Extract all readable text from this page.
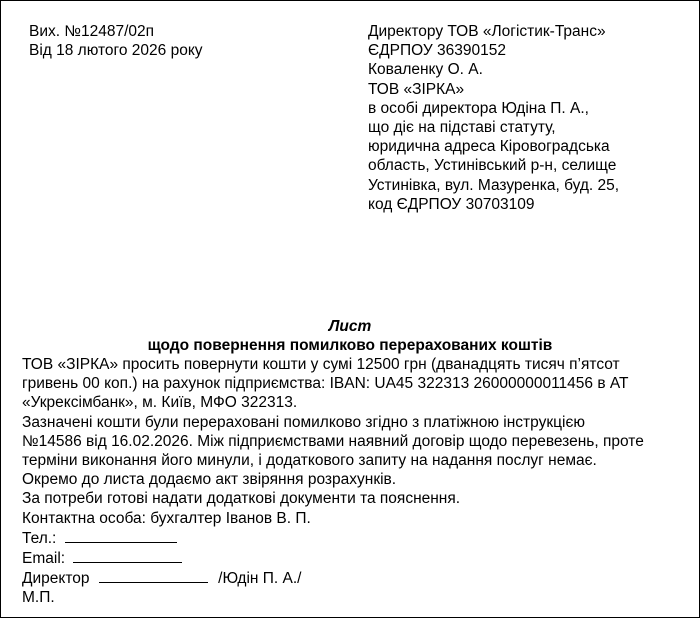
Вих. №12487/02п
Від 18 лютого 2026 року
Директору ТОВ «Логістик-Транс»
ЄДРПОУ 36390152
Коваленку О. А.
ТОВ «ЗІРКА»
в особі директора Юдіна П. А.,
що діє на підставі статуту,
юридична адреса Кіровоградська
область, Устинівський р-н, селище
Устинівка, вул. Мазуренка, буд. 25,
код ЄДРПОУ 30703109
Лист
щодо повернення помилково перерахованих коштів
ТОВ «ЗІРКА» просить повернути кошти у сумі 12500 грн (дванадцять тисяч п’ятсот
гривень 00 коп.) на рахунок підприємства: IBAN: UA45 322313 26000000011456 в АТ
«Укрексімбанк», м. Київ, МФО 322313.
Зазначені кошти були перераховані помилково згідно з платіжною інструкцією
№14586 від 16.02.2026. Між підприємствами наявний договір щодо перевезень, проте
терміни виконання його минули, і додаткового запиту на надання послуг немає.
Окремо до листа додаємо акт звіряння розрахунків.
За потреби готові надати додаткові документи та пояснення.
Контактна особа: бухгалтер Іванов В. П.
Тел.:
Email:
Директор	/Юдін П. А./
М.П.
